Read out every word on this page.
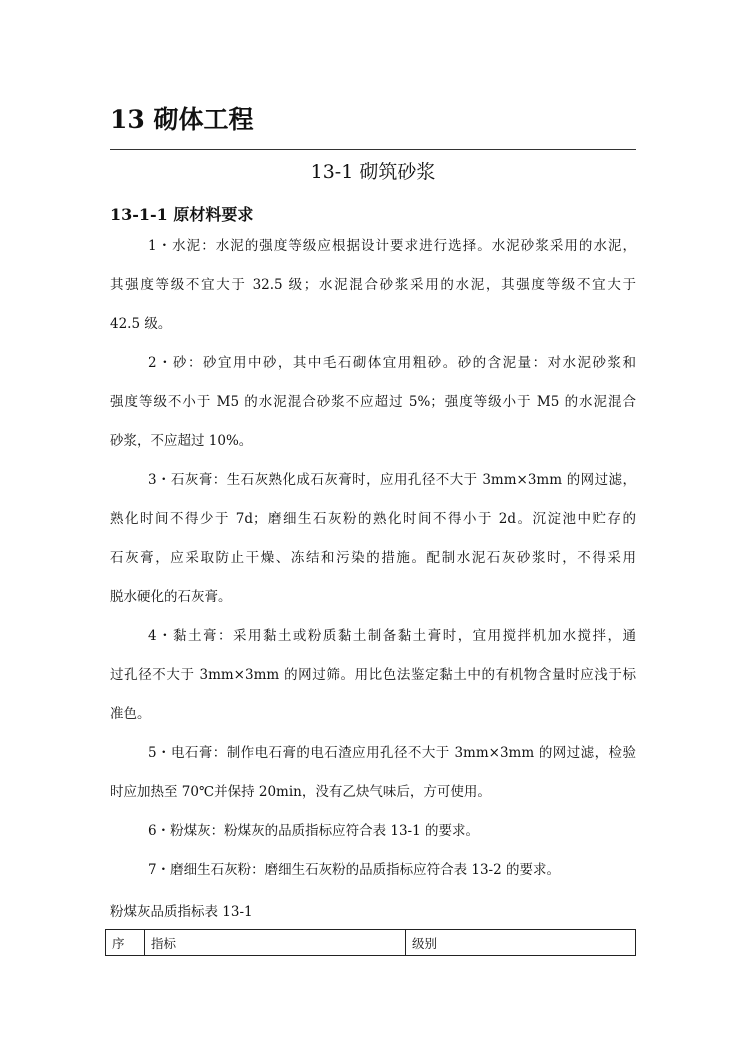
13 砌体工程
13-1 砌筑砂浆
13-1-1 原材料要求
1・水泥：水泥的强度等级应根据设计要求进行选择。水泥砂浆采用的水泥，
其强度等级不宜大于 32.5 级；水泥混合砂浆采用的水泥，其强度等级不宜大于
42.5 级。
2・砂：砂宜用中砂，其中毛石砌体宜用粗砂。砂的含泥量：对水泥砂浆和
强度等级不小于 M5 的水泥混合砂浆不应超过 5%；强度等级小于 M5 的水泥混合
砂浆，不应超过 10%。
3・石灰膏：生石灰熟化成石灰膏时，应用孔径不大于 3mm×3mm 的网过滤，
熟化时间不得少于 7d；磨细生石灰粉的熟化时间不得小于 2d。沉淀池中贮存的
石灰膏，应采取防止干燥、冻结和污染的措施。配制水泥石灰砂浆时，不得采用
脱水硬化的石灰膏。
4・黏土膏：采用黏土或粉质黏土制备黏土膏时，宜用搅拌机加水搅拌，通
过孔径不大于 3mm×3mm 的网过筛。用比色法鉴定黏土中的有机物含量时应浅于标
准色。
5・电石膏：制作电石膏的电石渣应用孔径不大于 3mm×3mm 的网过滤，检验
时应加热至 70℃并保持 20min，没有乙炔气味后，方可使用。
6・粉煤灰：粉煤灰的品质指标应符合表 13-1 的要求。
7・磨细生石灰粉：磨细生石灰粉的品质指标应符合表 13-2 的要求。
粉煤灰品质指标表 13-1
序	指标	级别
